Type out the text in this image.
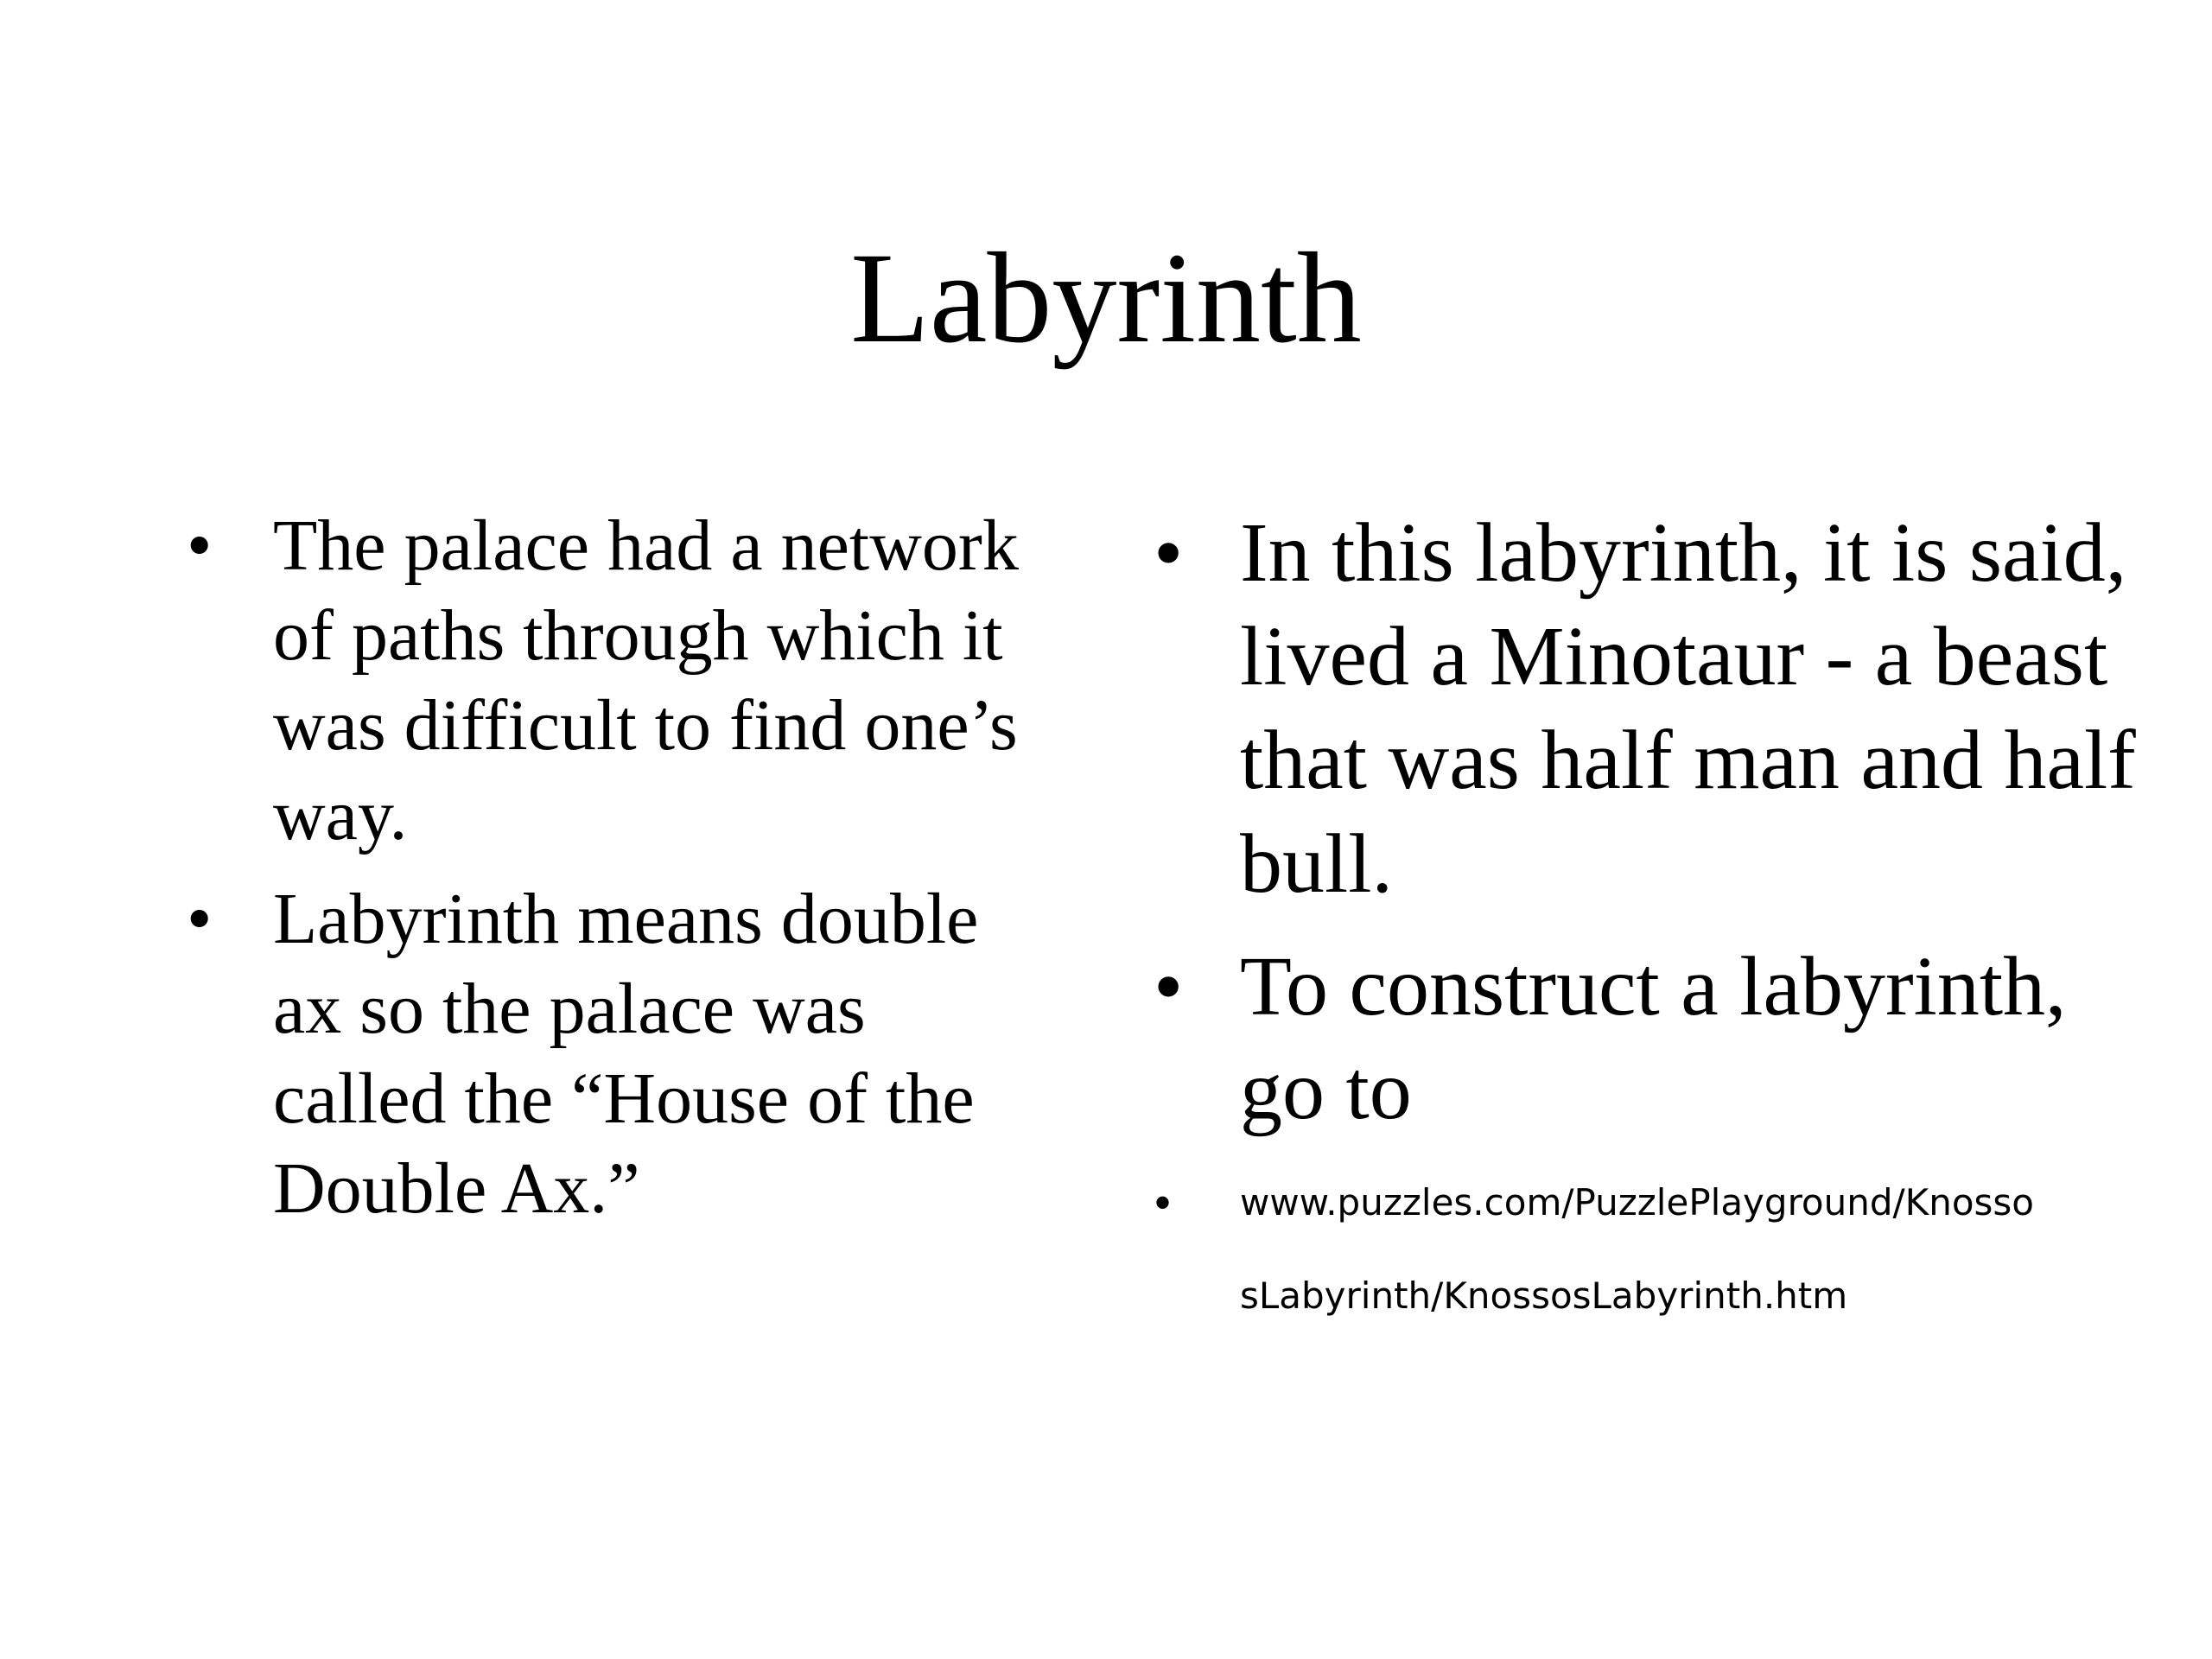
Labyrinth
• The palace had a network of paths through which it was difficult to find one’s way.
• Labyrinth means double ax so the palace was called the “House of the Double Ax.”
• In this labyrinth, it is said, lived a Minotaur - a beast that was half man and half bull.
• To construct a labyrinth, go to
• www.puzzles.com/PuzzlePlayground/KnossosLabyrinth/KnossosLabyrinth.htm
